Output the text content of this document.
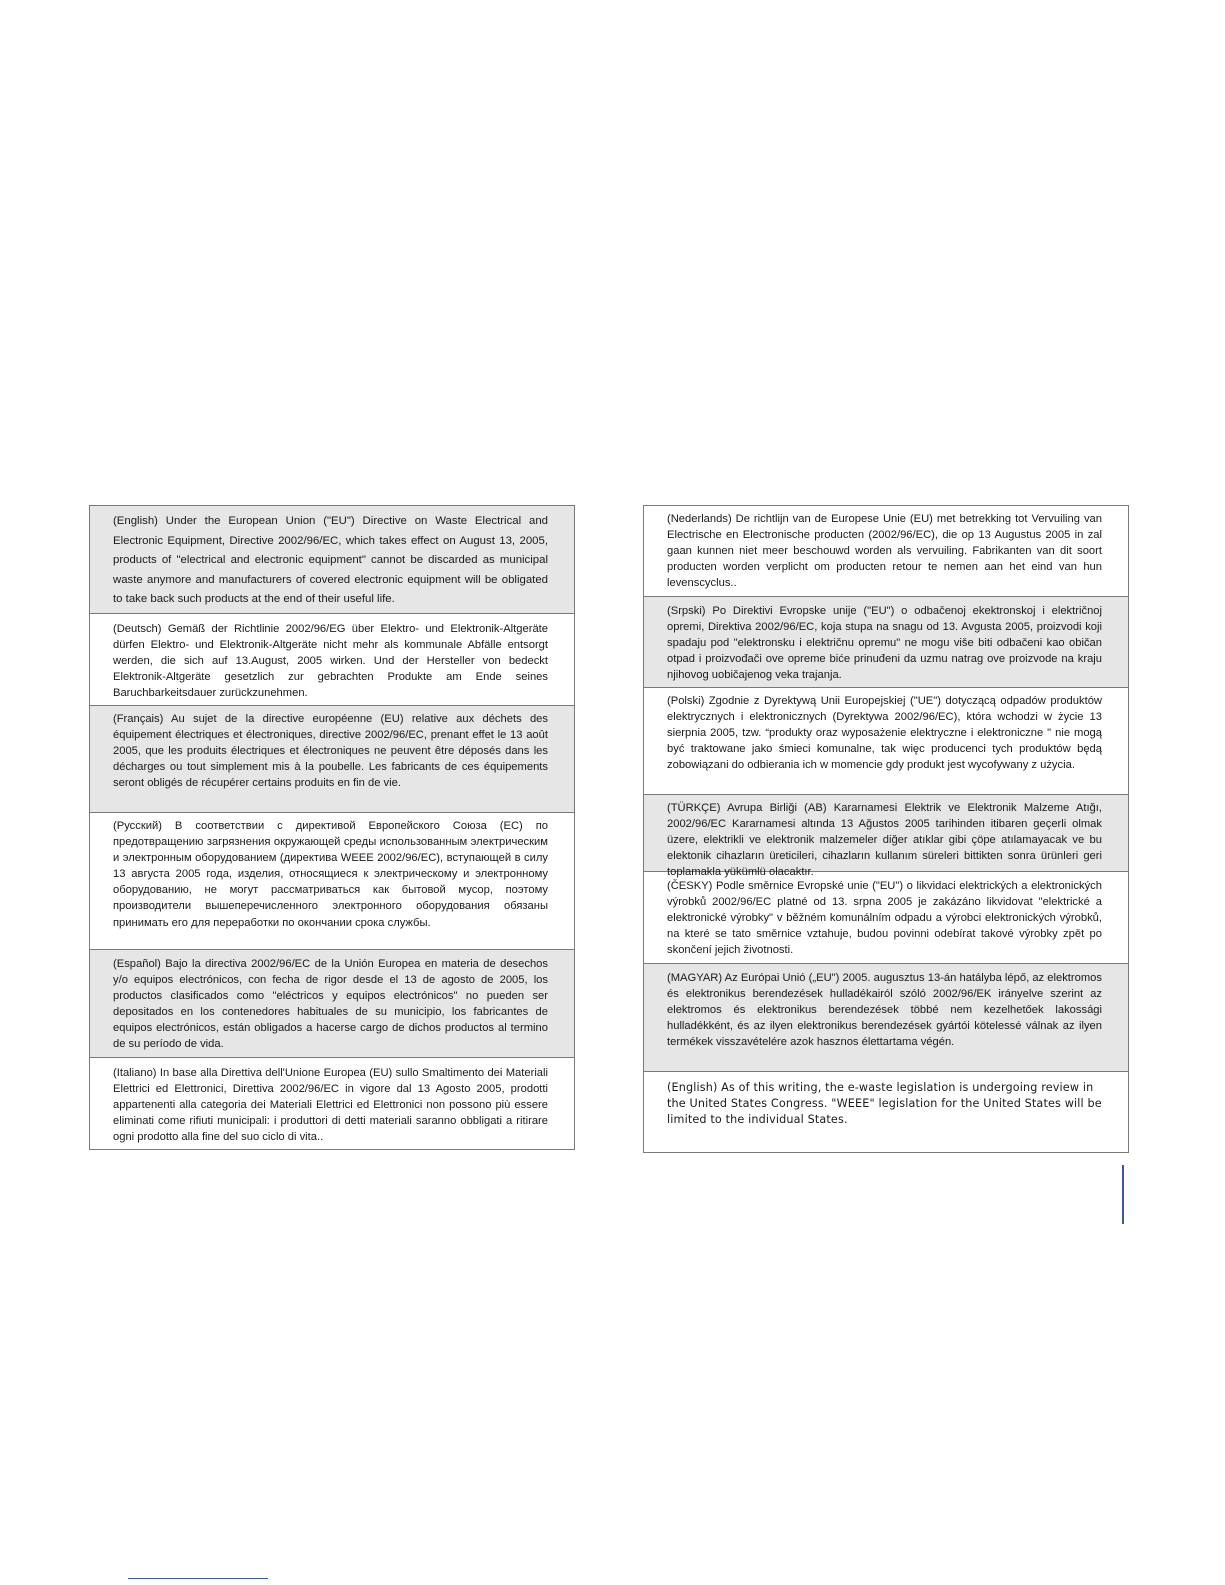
(English) Under the European Union ("EU") Directive on Waste Electrical and Electronic Equipment, Directive 2002/96/EC, which takes effect on August 13, 2005, products of "electrical and electronic equipment" cannot be discarded as municipal waste anymore and manufacturers of covered electronic equipment will be obligated to take back such products at the end of their useful life.
(Deutsch) Gemäß der Richtlinie 2002/96/EG über Elektro- und Elektronik-Altgeräte dürfen Elektro- und Elektronik-Altgeräte nicht mehr als kommunale Abfälle entsorgt werden, die sich auf 13.August, 2005 wirken. Und der Hersteller von bedeckt Elektronik-Altgeräte gesetzlich zur gebrachten Produkte am Ende seines Baruchbarkeitsdauer zurückzunehmen.
(Français) Au sujet de la directive européenne (EU) relative aux déchets des équipement électriques et électroniques, directive 2002/96/EC, prenant effet le 13 août 2005, que les produits électriques et électroniques ne peuvent être déposés dans les décharges ou tout simplement mis à la poubelle. Les fabricants de ces équipements seront obligés de récupérer certains produits en fin de vie.
(Русский) В соответствии с директивой Европейского Союза (ЕС) по предотвращению загрязнения окружающей среды использованным электрическим и электронным оборудованием (директива WEEE 2002/96/EC), вступающей в силу 13 августа 2005 года, изделия, относящиеся к электрическому и электронному оборудованию, не могут рассматриваться как бытовой мусор, поэтому производители вышеперечисленного электронного оборудования обязаны принимать его для переработки по окончании срока службы.
(Español) Bajo la directiva 2002/96/EC de la Unión Europea en materia de desechos y/o equipos electrónicos, con fecha de rigor desde el 13 de agosto de 2005, los productos clasificados como "eléctricos y equipos electrónicos" no pueden ser depositados en los contenedores habituales de su municipio, los fabricantes de equipos electrónicos, están obligados a hacerse cargo de dichos productos al termino de su período de vida.
(Italiano) In base alla Direttiva dell'Unione Europea (EU) sullo Smaltimento dei Materiali Elettrici ed Elettronici, Direttiva 2002/96/EC in vigore dal 13 Agosto 2005, prodotti appartenenti alla categoria dei Materiali Elettrici ed Elettronici non possono più essere eliminati come rifiuti municipali: i produttori di detti materiali saranno obbligati a ritirare ogni prodotto alla fine del suo ciclo di vita..
(Nederlands) De richtlijn van de Europese Unie (EU) met betrekking tot Vervuiling van Electrische en Electronische producten (2002/96/EC), die op 13 Augustus 2005 in zal gaan kunnen niet meer beschouwd worden als vervuiling. Fabrikanten van dit soort producten worden verplicht om producten retour te nemen aan het eind van hun levenscyclus..
(Srpski) Po Direktivi Evropske unije ("EU") o odbačenoj ekektronskoj i električnoj opremi, Direktiva 2002/96/EC, koja stupa na snagu od 13. Avgusta 2005, proizvodi koji spadaju pod "elektronsku i električnu opremu" ne mogu više biti odbačeni kao običan otpad i proizvođači ove opreme biće prinuđeni da uzmu natrag ove proizvode na kraju njihovog uobičajenog veka trajanja.
(Polski) Zgodnie z Dyrektywą Unii Europejskiej ("UE") dotyczącą odpadów produktów elektrycznych i elektronicznych (Dyrektywa 2002/96/EC), która wchodzi w życie 13 sierpnia 2005, tzw. “produkty oraz wyposażenie elektryczne i elektroniczne " nie mogą być traktowane jako śmieci komunalne, tak więc producenci tych produktów będą zobowiązani do odbierania ich w momencie gdy produkt jest wycofywany z użycia.
(TÜRKÇE) Avrupa Birliği (AB) Kararnamesi Elektrik ve Elektronik Malzeme Atığı, 2002/96/EC Kararnamesi altında 13 Ağustos 2005 tarihinden itibaren geçerli olmak üzere, elektrikli ve elektronik malzemeler diğer atıklar gibi çöpe atılamayacak ve bu elektonik cihazların üreticileri, cihazların kullanım süreleri bittikten sonra ürünleri geri toplamakla yükümlü olacaktır.
(ČESKY) Podle směrnice Evropské unie ("EU") o likvidaci elektrických a elektronických výrobků 2002/96/EC platné od 13. srpna 2005 je zakázáno likvidovat "elektrické a elektronické výrobky" v běžném komunálním odpadu a výrobci elektronických výrobků, na které se tato směrnice vztahuje, budou povinni odebírat takové výrobky zpět po skončení jejich životnosti.
(MAGYAR) Az Európai Unió („EU") 2005. augusztus 13-án hatályba lépő, az elektromos és elektronikus berendezések hulladékairól szóló 2002/96/EK irányelve szerint az elektromos és elektronikus berendezések többé nem kezelhetőek lakossági hulladékként, és az ilyen elektronikus berendezések gyártói kötelessé válnak az ilyen termékek visszavételére azok hasznos élettartama végén.
(English) As of this writing, the e-waste legislation is undergoing review in the United States Congress. "WEEE" legislation for the United States will be limited to the individual States.
